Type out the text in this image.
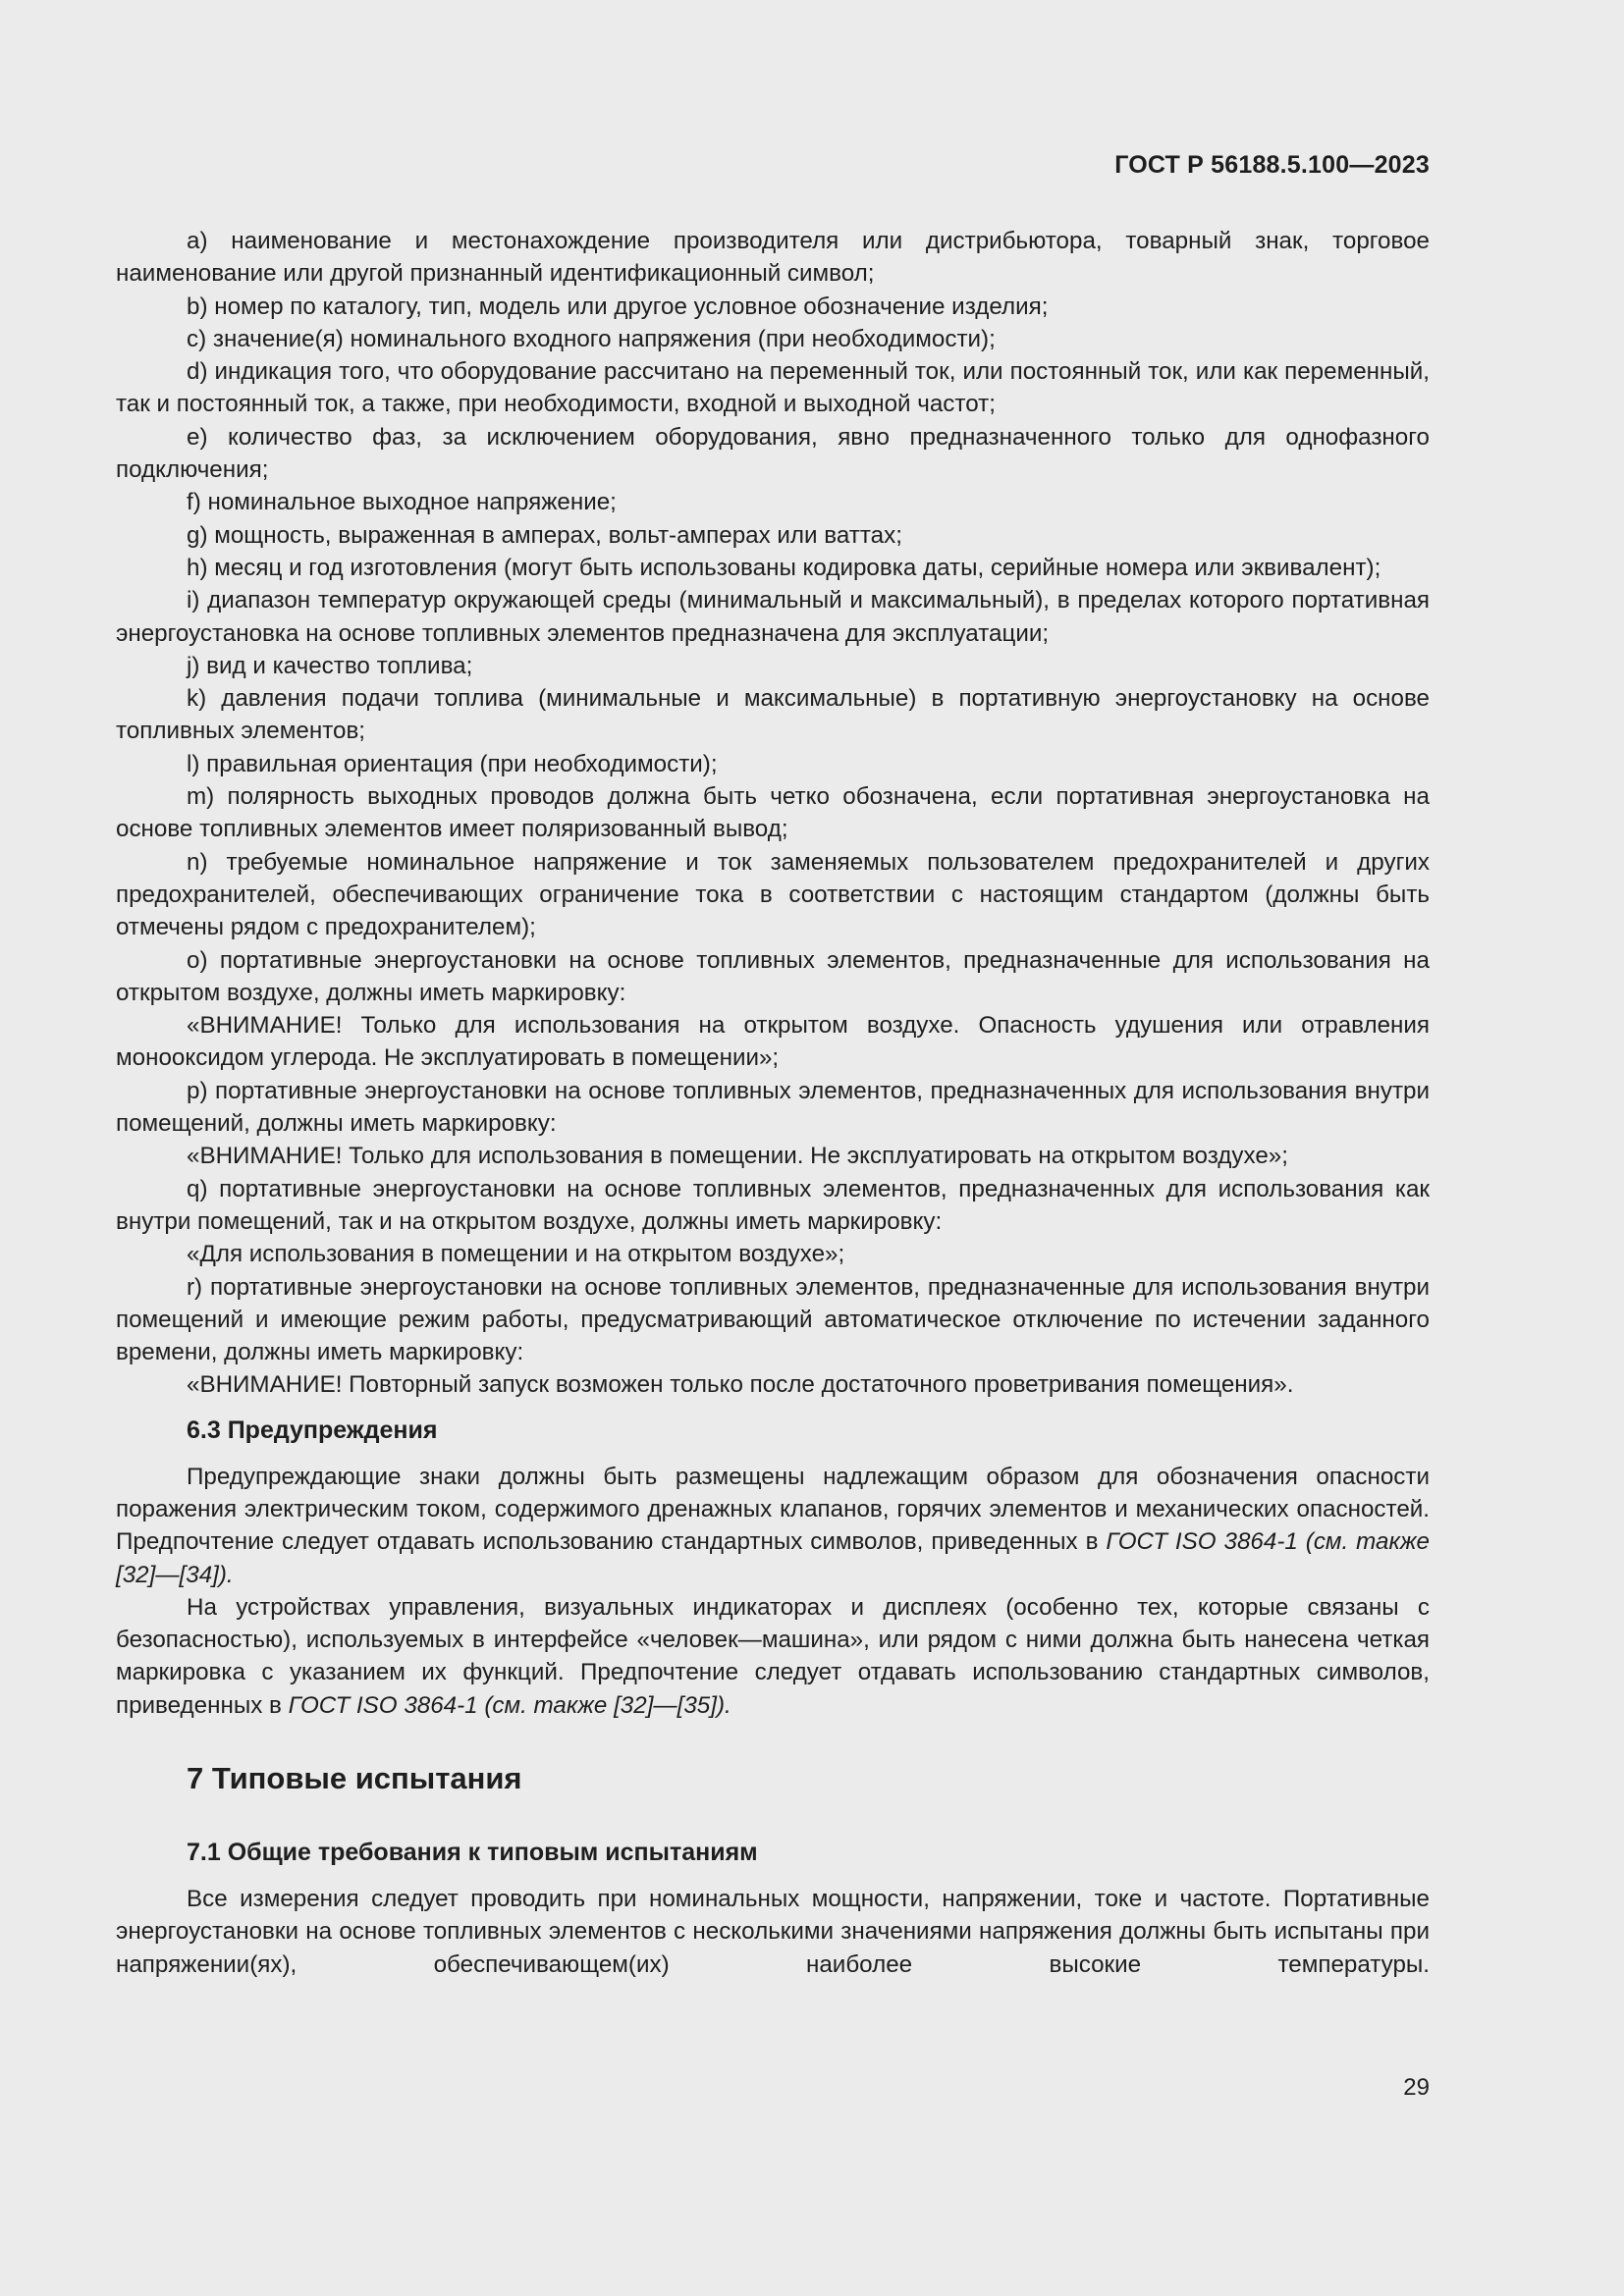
ГОСТ Р 56188.5.100—2023

a) наименование и местонахождение производителя или дистрибьютора, товарный знак, торговое наименование или другой признанный идентификационный символ;

b) номер по каталогу, тип, модель или другое условное обозначение изделия;

c) значение(я) номинального входного напряжения (при необходимости);

d) индикация того, что оборудование рассчитано на переменный ток, или постоянный ток, или как переменный, так и постоянный ток, а также, при необходимости, входной и выходной частот;

e) количество фаз, за исключением оборудования, явно предназначенного только для однофазного подключения;

f) номинальное выходное напряжение;

g) мощность, выраженная в амперах, вольт-амперах или ваттах;

h) месяц и год изготовления (могут быть использованы кодировка даты, серийные номера или эквивалент);

i) диапазон температур окружающей среды (минимальный и максимальный), в пределах которого портативная энергоустановка на основе топливных элементов предназначена для эксплуатации;

j) вид и качество топлива;

k) давления подачи топлива (минимальные и максимальные) в портативную энергоустановку на основе топливных элементов;

l) правильная ориентация (при необходимости);

m) полярность выходных проводов должна быть четко обозначена, если портативная энергоустановка на основе топливных элементов имеет поляризованный вывод;

n) требуемые номинальное напряжение и ток заменяемых пользователем предохранителей и других предохранителей, обеспечивающих ограничение тока в соответствии с настоящим стандартом (должны быть отмечены рядом с предохранителем);

o) портативные энергоустановки на основе топливных элементов, предназначенные для использования на открытом воздухе, должны иметь маркировку:

«ВНИМАНИЕ! Только для использования на открытом воздухе. Опасность удушения или отравления монооксидом углерода. Не эксплуатировать в помещении»;

p) портативные энергоустановки на основе топливных элементов, предназначенных для использования внутри помещений, должны иметь маркировку:

«ВНИМАНИЕ! Только для использования в помещении. Не эксплуатировать на открытом воздухе»;

q) портативные энергоустановки на основе топливных элементов, предназначенных для использования как внутри помещений, так и на открытом воздухе, должны иметь маркировку:

«Для использования в помещении и на открытом воздухе»;

r) портативные энергоустановки на основе топливных элементов, предназначенные для использования внутри помещений и имеющие режим работы, предусматривающий автоматическое отключение по истечении заданного времени, должны иметь маркировку:

«ВНИМАНИЕ! Повторный запуск возможен только после достаточного проветривания помещения».

6.3 Предупреждения

Предупреждающие знаки должны быть размещены надлежащим образом для обозначения опасности поражения электрическим током, содержимого дренажных клапанов, горячих элементов и механических опасностей. Предпочтение следует отдавать использованию стандартных символов, приведенных в ГОСТ ISO 3864-1 (см. также [32]—[34]).

На устройствах управления, визуальных индикаторах и дисплеях (особенно тех, которые связаны с безопасностью), используемых в интерфейсе «человек—машина», или рядом с ними должна быть нанесена четкая маркировка с указанием их функций. Предпочтение следует отдавать использованию стандартных символов, приведенных в ГОСТ ISO 3864-1 (см. также [32]—[35]).

7 Типовые испытания
7.1 Общие требования к типовым испытаниям

Все измерения следует проводить при номинальных мощности, напряжении, токе и частоте. Портативные энергоустановки на основе топливных элементов с несколькими значениями напряжения должны быть испытаны при напряжении(ях), обеспечивающем(их) наиболее высокие температуры.

29
